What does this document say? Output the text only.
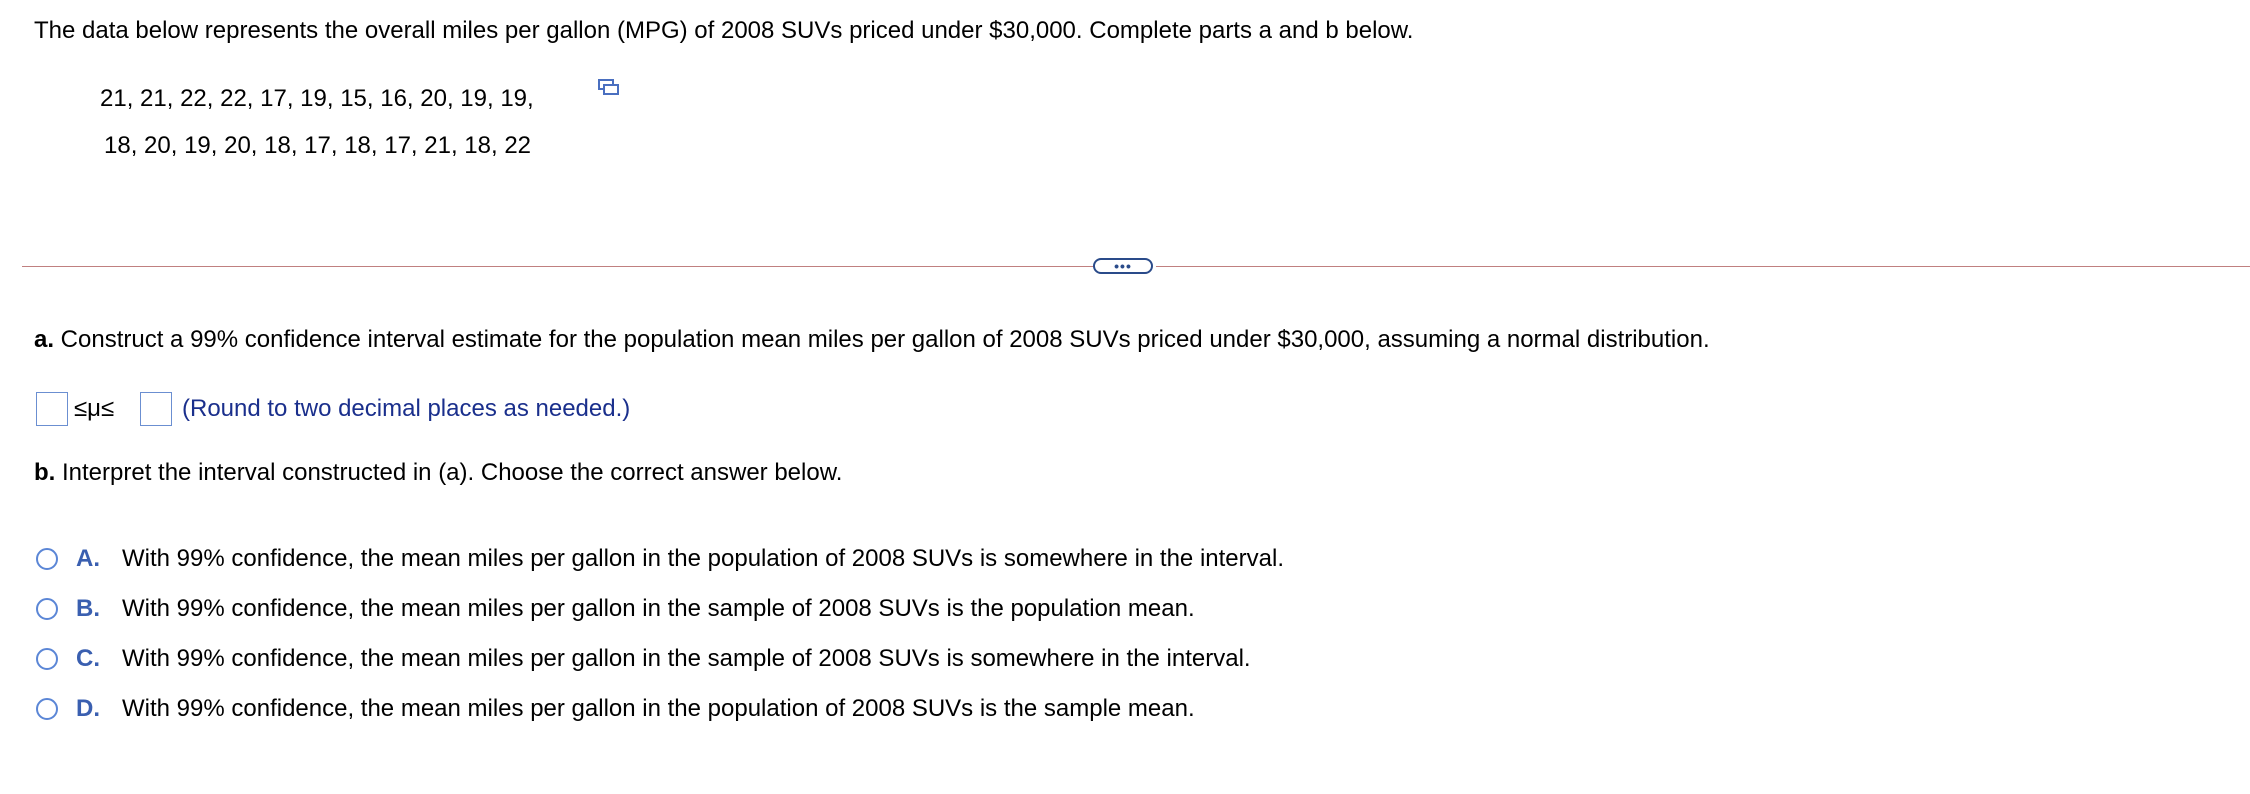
The data below represents the overall miles per gallon (MPG) of 2008 SUVs priced under $30,000. Complete parts a and b below.
21, 21, 22, 22, 17, 19, 15, 16, 20, 19, 19,
18, 20, 19, 20, 18, 17, 18, 17, 21, 18, 22
•••
a. Construct a 99% confidence interval estimate for the population mean miles per gallon of 2008 SUVs priced under $30,000, assuming a normal distribution.
≤μ≤	(Round to two decimal places as needed.)
b. Interpret the interval constructed in (a). Choose the correct answer below.
A. With 99% confidence, the mean miles per gallon in the population of 2008 SUVs is somewhere in the interval.
B. With 99% confidence, the mean miles per gallon in the sample of 2008 SUVs is the population mean.
C. With 99% confidence, the mean miles per gallon in the sample of 2008 SUVs is somewhere in the interval.
D. With 99% confidence, the mean miles per gallon in the population of 2008 SUVs is the sample mean.
